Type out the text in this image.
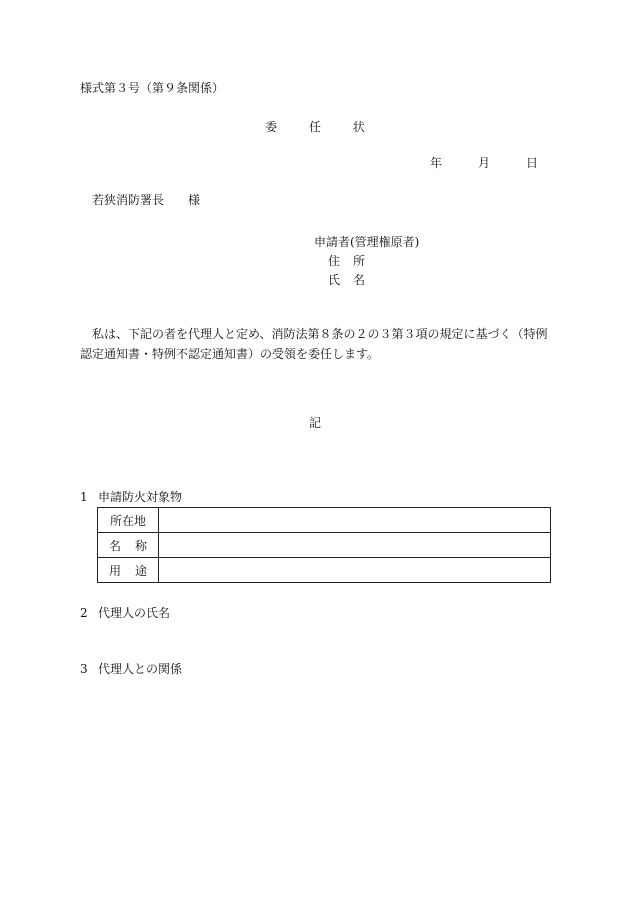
様式第３号（第９条関係）
委 任 状
年	月	日
若狭消防署長 様
申請者(管理権原者)
住 所
氏 名
私は、下記の者を代理人と定め、消防法第８条の２の３第３項の規定に基づく（特例認定通知書・特例不認定通知書）の受領を委任します。
記
1 申請防火対象物
所在地	
名 称	
用 途	
2 代理人の氏名
3 代理人との関係
